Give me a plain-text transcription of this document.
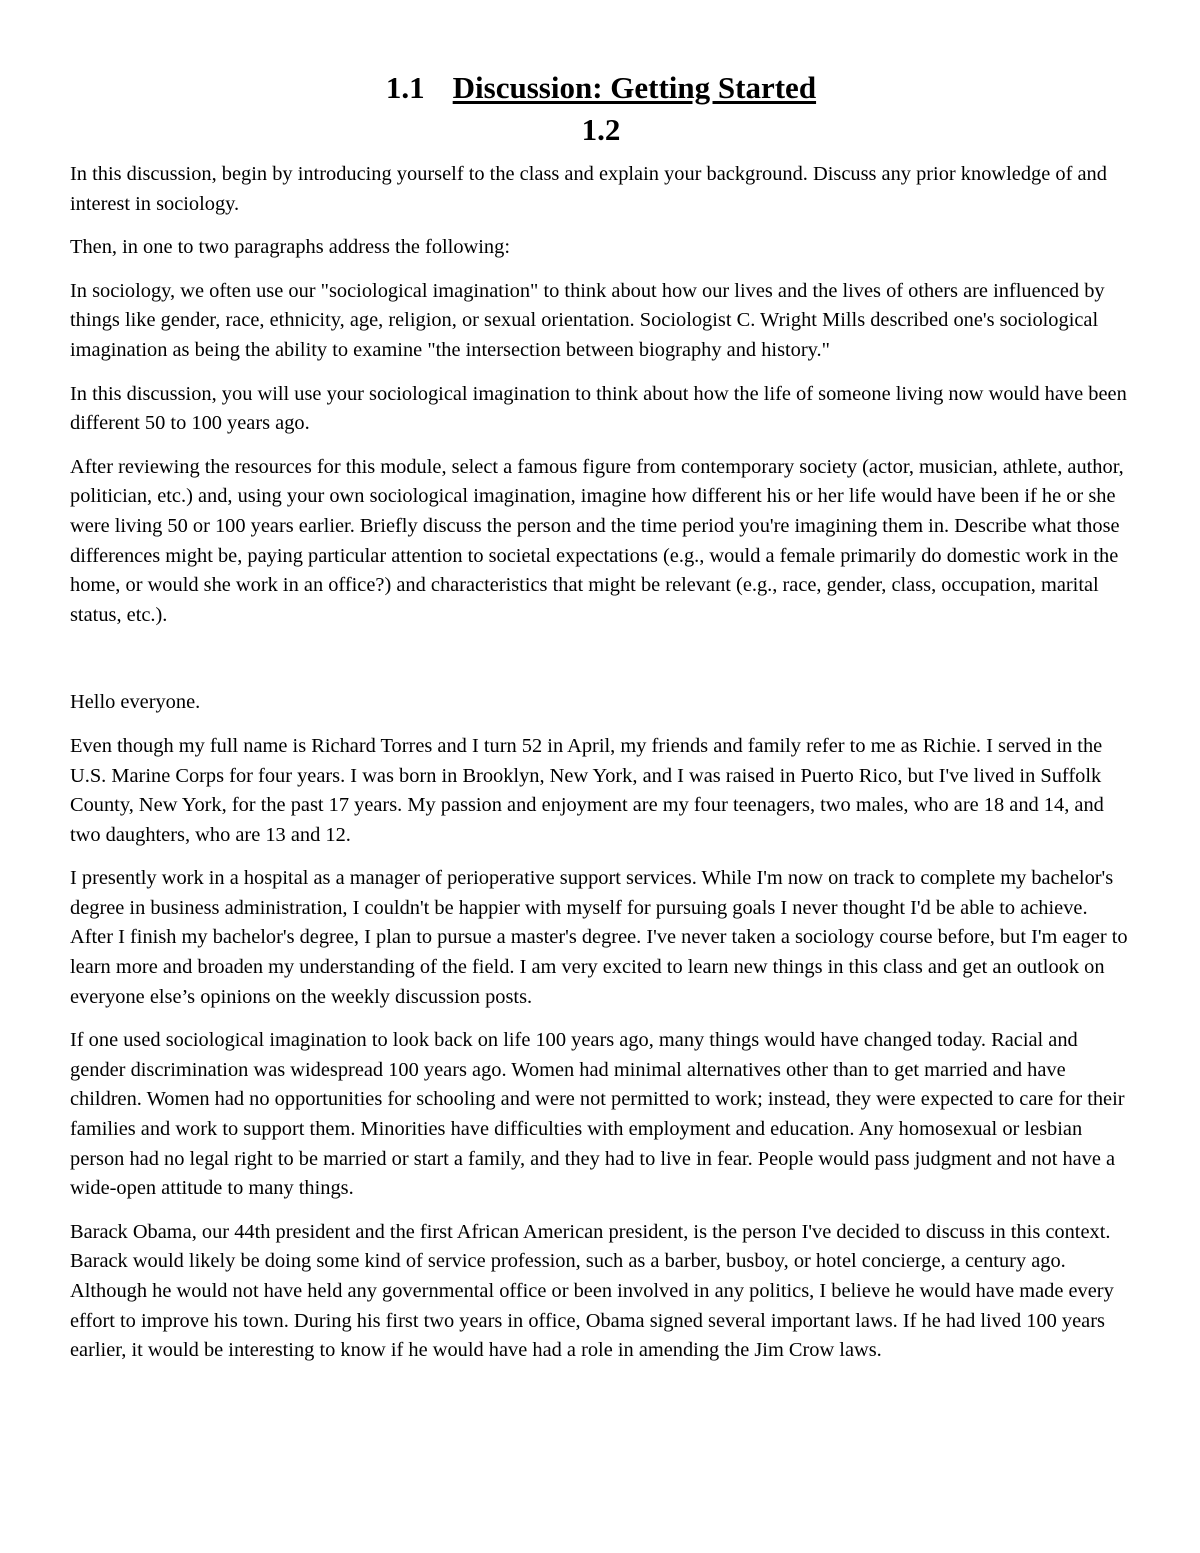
1.1 Discussion: Getting Started
1.2

In this discussion, begin by introducing yourself to the class and explain your background. Discuss any prior knowledge of and interest in sociology.

Then, in one to two paragraphs address the following:

In sociology, we often use our "sociological imagination" to think about how our lives and the lives of others are influenced by things like gender, race, ethnicity, age, religion, or sexual orientation. Sociologist C. Wright Mills described one's sociological imagination as being the ability to examine "the intersection between biography and history."

In this discussion, you will use your sociological imagination to think about how the life of someone living now would have been different 50 to 100 years ago.

After reviewing the resources for this module, select a famous figure from contemporary society (actor, musician, athlete, author, politician, etc.) and, using your own sociological imagination, imagine how different his or her life would have been if he or she were living 50 or 100 years earlier. Briefly discuss the person and the time period you're imagining them in. Describe what those differences might be, paying particular attention to societal expectations (e.g., would a female primarily do domestic work in the home, or would she work in an office?) and characteristics that might be relevant (e.g., race, gender, class, occupation, marital status, etc.).

Hello everyone.

Even though my full name is Richard Torres and I turn 52 in April, my friends and family refer to me as Richie. I served in the U.S. Marine Corps for four years. I was born in Brooklyn, New York, and I was raised in Puerto Rico, but I've lived in Suffolk County, New York, for the past 17 years. My passion and enjoyment are my four teenagers, two males, who are 18 and 14, and two daughters, who are 13 and 12.

I presently work in a hospital as a manager of perioperative support services. While I'm now on track to complete my bachelor's degree in business administration, I couldn't be happier with myself for pursuing goals I never thought I'd be able to achieve. After I finish my bachelor's degree, I plan to pursue a master's degree. I've never taken a sociology course before, but I'm eager to learn more and broaden my understanding of the field. I am very excited to learn new things in this class and get an outlook on everyone else’s opinions on the weekly discussion posts.

If one used sociological imagination to look back on life 100 years ago, many things would have changed today. Racial and gender discrimination was widespread 100 years ago. Women had minimal alternatives other than to get married and have children. Women had no opportunities for schooling and were not permitted to work; instead, they were expected to care for their families and work to support them. Minorities have difficulties with employment and education. Any homosexual or lesbian person had no legal right to be married or start a family, and they had to live in fear. People would pass judgment and not have a wide-open attitude to many things.

Barack Obama, our 44th president and the first African American president, is the person I've decided to discuss in this context. Barack would likely be doing some kind of service profession, such as a barber, busboy, or hotel concierge, a century ago. Although he would not have held any governmental office or been involved in any politics, I believe he would have made every effort to improve his town. During his first two years in office, Obama signed several important laws. If he had lived 100 years earlier, it would be interesting to know if he would have had a role in amending the Jim Crow laws.
